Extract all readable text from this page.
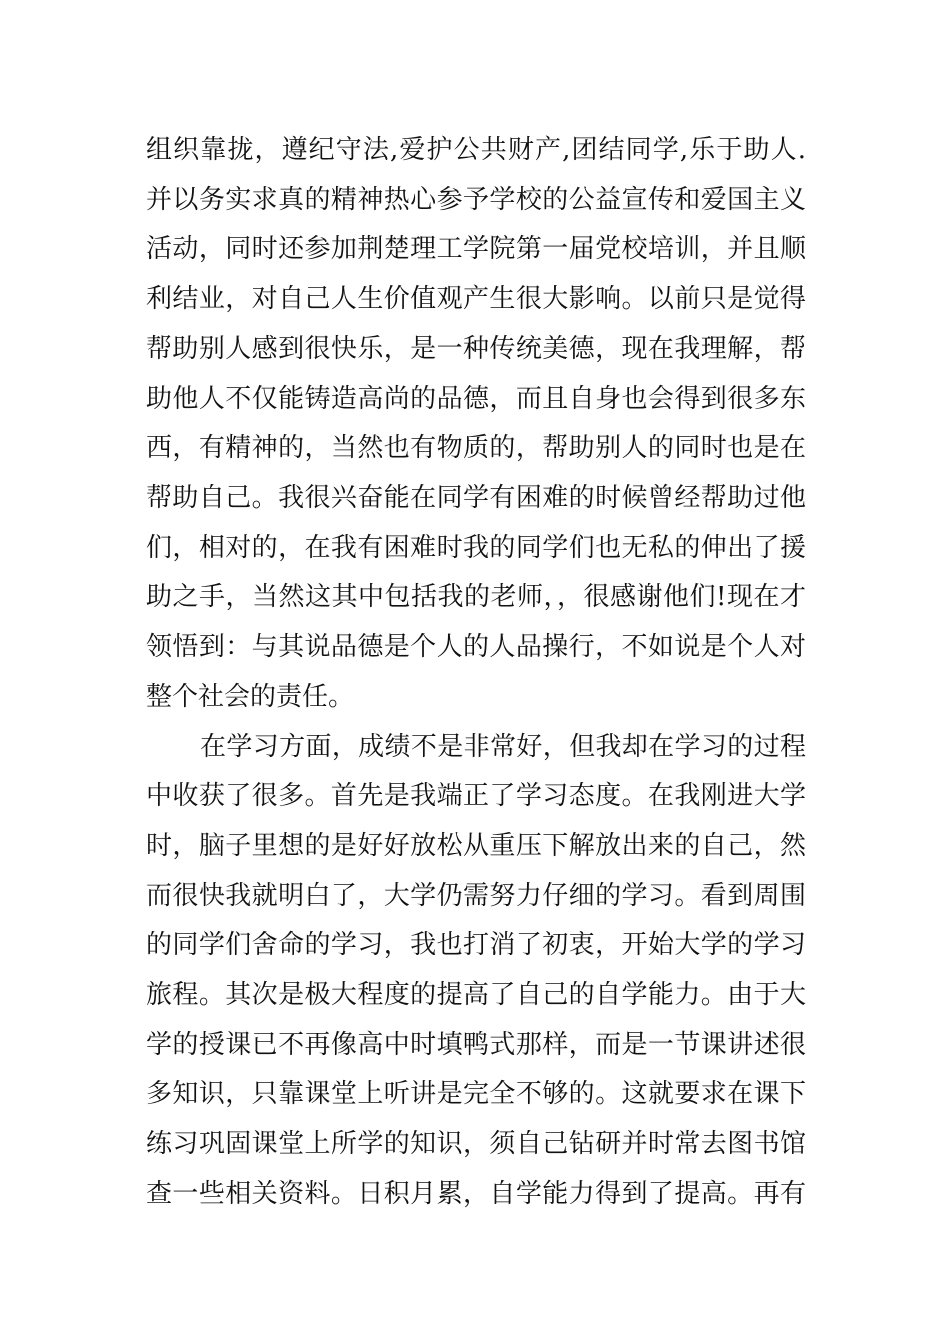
组织靠拢，遵纪守法,爱护公共财产,团结同学,乐于助人.
并以务实求真的精神热心参予学校的公益宣传和爱国主义
活动，同时还参加荆楚理工学院第一届党校培训，并且顺
利结业，对自己人生价值观产生很大影响。以前只是觉得
帮助别人感到很快乐，是一种传统美德，现在我理解，帮
助他人不仅能铸造高尚的品德，而且自身也会得到很多东
西，有精神的，当然也有物质的，帮助别人的同时也是在
帮助自己。我很兴奋能在同学有困难的时候曾经帮助过他
们，相对的，在我有困难时我的同学们也无私的伸出了援
助之手，当然这其中包括我的老师，，很感谢他们!现在才
领悟到：与其说品德是个人的人品操行，不如说是个人对
整个社会的责任。
在学习方面，成绩不是非常好，但我却在学习的过程
中收获了很多。首先是我端正了学习态度。在我刚进大学
时，脑子里想的是好好放松从重压下解放出来的自己，然
而很快我就明白了，大学仍需努力仔细的学习。看到周围
的同学们舍命的学习，我也打消了初衷，开始大学的学习
旅程。其次是极大程度的提高了自己的自学能力。由于大
学的授课已不再像高中时填鸭式那样，而是一节课讲述很
多知识，只靠课堂上听讲是完全不够的。这就要求在课下
练习巩固课堂上所学的知识，须自己钻研并时常去图书馆
查一些相关资料。日积月累，自学能力得到了提高。再有
